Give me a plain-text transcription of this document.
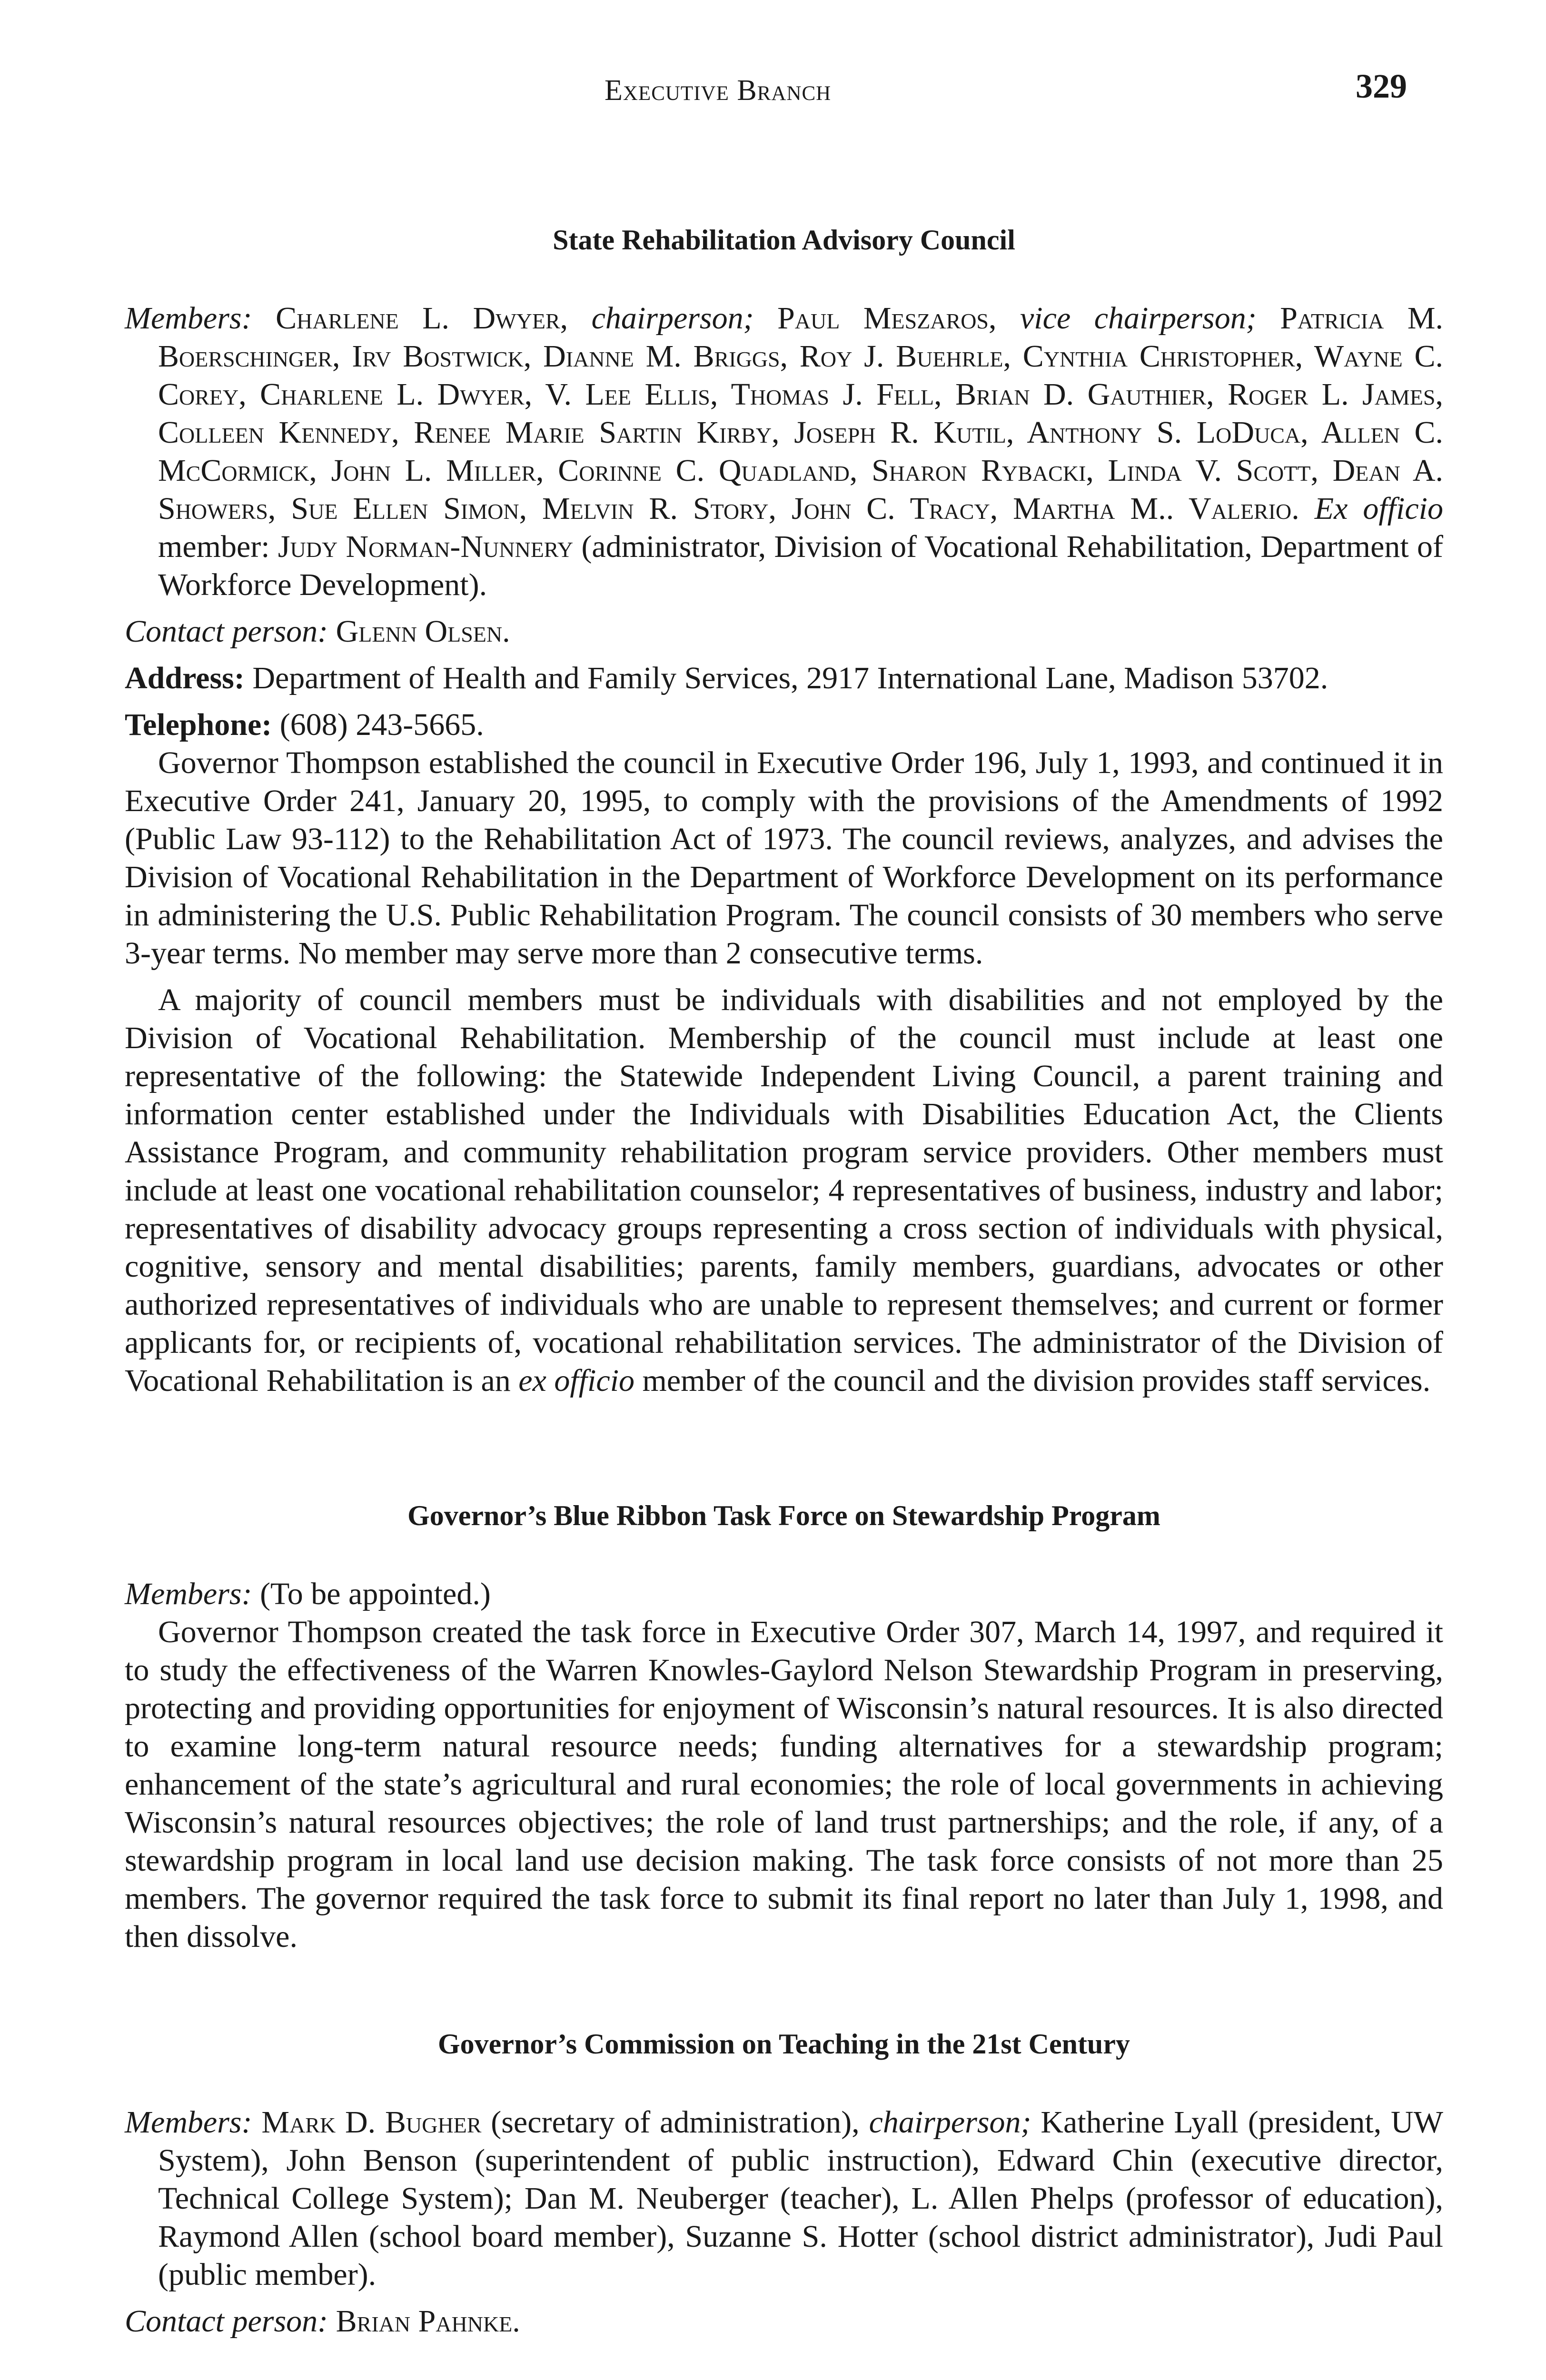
Executive Branch	329
State Rehabilitation Advisory Council

Members: Charlene L. Dwyer, chairperson; Paul Meszaros, vice chairperson; Patricia M. Boerschinger, Irv Bostwick, Dianne M. Briggs, Roy J. Buehrle, Cynthia Christopher, Wayne C. Corey, Charlene L. Dwyer, V. Lee Ellis, Thomas J. Fell, Brian D. Gauthier, Roger L. James, Colleen Kennedy, Renee Marie Sartin Kirby, Joseph R. Kutil, Anthony S. LoDuca, Allen C. McCormick, John L. Miller, Corinne C. Quadland, Sharon Rybacki, Linda V. Scott, Dean A. Showers, Sue Ellen Simon, Melvin R. Story, John C. Tracy, Martha M.. Valerio. Ex officio member: Judy Norman-Nunnery (administrator, Division of Vocational Rehabilitation, Department of Workforce Development).

Contact person: Glenn Olsen.

Address: Department of Health and Family Services, 2917 International Lane, Madison 53702.

Telephone: (608) 243-5665.

Governor Thompson established the council in Executive Order 196, July 1, 1993, and continued it in Executive Order 241, January 20, 1995, to comply with the provisions of the Amendments of 1992 (Public Law 93-112) to the Rehabilitation Act of 1973. The council reviews, analyzes, and advises the Division of Vocational Rehabilitation in the Department of Workforce Development on its performance in administering the U.S. Public Rehabilitation Program. The council consists of 30 members who serve 3-year terms. No member may serve more than 2 consecutive terms.

A majority of council members must be individuals with disabilities and not employed by the Division of Vocational Rehabilitation. Membership of the council must include at least one representative of the following: the Statewide Independent Living Council, a parent training and information center established under the Individuals with Disabilities Education Act, the Clients Assistance Program, and community rehabilitation program service providers. Other members must include at least one vocational rehabilitation counselor; 4 representatives of business, industry and labor; representatives of disability advocacy groups representing a cross section of individuals with physical, cognitive, sensory and mental disabilities; parents, family members, guardians, advocates or other authorized representatives of individuals who are unable to represent themselves; and current or former applicants for, or recipients of, vocational rehabilitation services. The administrator of the Division of Vocational Rehabilitation is an ex officio member of the council and the division provides staff services.

Governor’s Blue Ribbon Task Force on Stewardship Program

Members: (To be appointed.)

Governor Thompson created the task force in Executive Order 307, March 14, 1997, and required it to study the effectiveness of the Warren Knowles-Gaylord Nelson Stewardship Program in preserving, protecting and providing opportunities for enjoyment of Wisconsin’s natural resources. It is also directed to examine long-term natural resource needs; funding alternatives for a stewardship program; enhancement of the state’s agricultural and rural economies; the role of local governments in achieving Wisconsin’s natural resources objectives; the role of land trust partnerships; and the role, if any, of a stewardship program in local land use decision making. The task force consists of not more than 25 members. The governor required the task force to submit its final report no later than July 1, 1998, and then dissolve.

Governor’s Commission on Teaching in the 21st Century

Members: Mark D. Bugher (secretary of administration), chairperson; Katherine Lyall (president, UW System), John Benson (superintendent of public instruction), Edward Chin (executive director, Technical College System); Dan M. Neuberger (teacher), L. Allen Phelps (professor of education), Raymond Allen (school board member), Suzanne S. Hotter (school district administrator), Judi Paul (public member).

Contact person: Brian Pahnke.
